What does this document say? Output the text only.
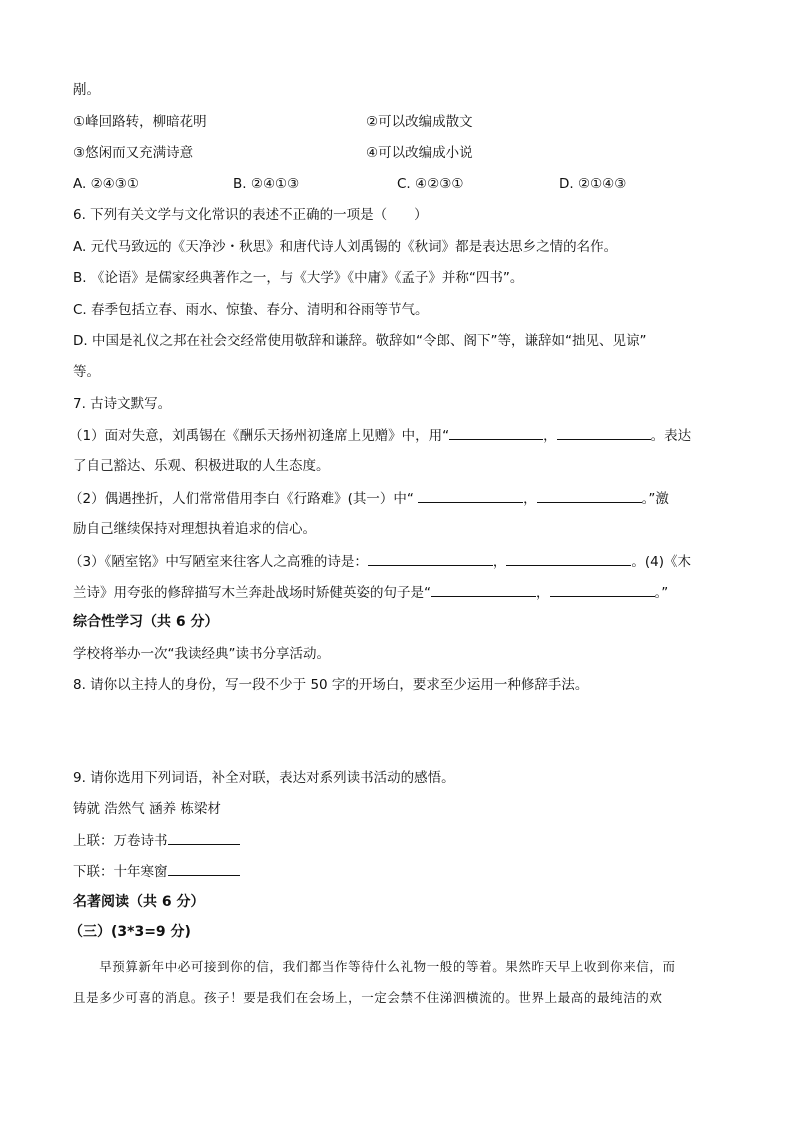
剐。
①峰回路转，柳暗花明	②可以改编成散文
③悠闲而又充满诗意	④可以改编成小说
A. ②④③①	B. ②④①③	C. ④②③①	D. ②①④③
6. 下列有关文学与文化常识的表述不正确的一项是（　　）
A. 元代马致远的《天净沙・秋思》和唐代诗人刘禹锡的《秋词》都是表达思乡之情的名作。
B. 《论语》是儒家经典著作之一，与《大学》《中庸》《孟子》并称“四书”。
C. 春季包括立春、雨水、惊蛰、春分、清明和谷雨等节气。
D. 中国是礼仪之邦在社会交经常使用敬辞和谦辞。敬辞如“令郎、阁下”等，谦辞如“拙见、见谅”
等。
7. 古诗文默写。
（1）面对失意，刘禹锡在《酬乐天扬州初逢席上见赠》中，用“	，	。表达
了自己豁达、乐观、积极进取的人生态度。
（2）偶遇挫折，人们常常借用李白《行路难》(其一）中“	，	。”激
励自己继续保持对理想执着追求的信心。
（3）《陋室铭》中写陋室来往客人之高雅的诗是：	，	。(4)《木
兰诗》用夸张的修辞描写木兰奔赴战场时矫健英姿的句子是“	，	。”
综合性学习（共 6 分）
学校将举办一次“我读经典”读书分享活动。
8. 请你以主持人的身份，写一段不少于 50 字的开场白，要求至少运用一种修辞手法。
9. 请你选用下列词语，补全对联，表达对系列读书活动的感悟。
铸就 浩然气 涵养 栋梁材
上联：万卷诗书
下联：十年寒窗
名著阅读（共 6 分）
（三）(3*3=9 分)
　　早预算新年中必可接到你的信，我们都当作等待什么礼物一般的等着。果然昨天早上收到你来信，而
且是多少可喜的消息。孩子！要是我们在会场上，一定会禁不住涕泗横流的。世界上最高的最纯洁的欢
